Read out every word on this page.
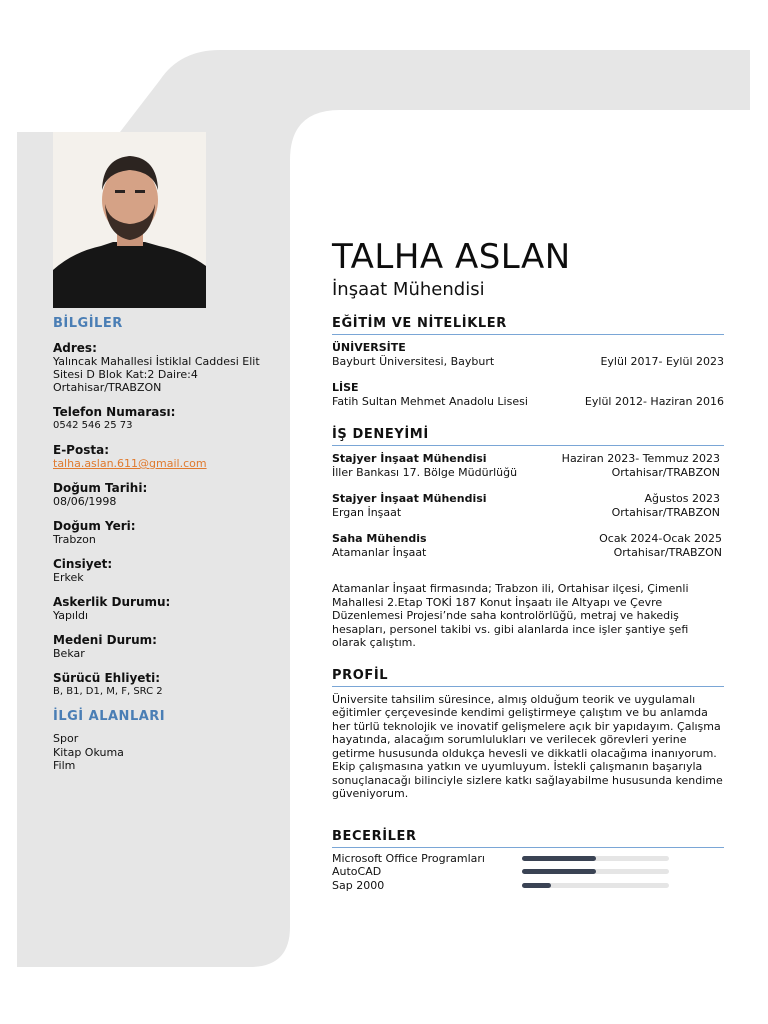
BİLGİLER
Adres:
Yalıncak Mahallesi İstiklal Caddesi Elit Sitesi D Blok Kat:2 Daire:4 Ortahisar/TRABZON
Telefon Numarası:
0542 546 25 73
E-Posta:
talha.aslan.611@gmail.com
Doğum Tarihi:
08/06/1998
Doğum Yeri:
Trabzon
Cinsiyet:
Erkek
Askerlik Durumu:
Yapıldı
Medeni Durum:
Bekar
Sürücü Ehliyeti:
B, B1, D1, M, F, SRC 2
İLGİ ALANLARI
Spor
Kitap Okuma
Film
TALHA ASLAN
İnşaat Mühendisi
EĞİTİM VE NİTELİKLER
ÜNİVERSİTE
Bayburt Üniversitesi, Bayburt	Eylül 2017- Eylül 2023
LİSE
Fatih Sultan Mehmet Anadolu Lisesi	Eylül 2012- Haziran 2016
İŞ DENEYİMİ
Stajyer İnşaat Mühendisi	Haziran 2023- Temmuz 2023
İller Bankası 17. Bölge Müdürlüğü	Ortahisar/TRABZON
Stajyer İnşaat Mühendisi	Ağustos 2023
Ergan İnşaat	Ortahisar/TRABZON
Saha Mühendis	Ocak 2024-Ocak 2025
Atamanlar İnşaat	Ortahisar/TRABZON

Atamanlar İnşaat firmasında; Trabzon ili, Ortahisar ilçesi, Çimenli Mahallesi 2.Etap TOKİ 187 Konut İnşaatı ile Altyapı ve Çevre Düzenlemesi Projesi’nde saha kontrolörlüğü, metraj ve hakediş hesapları, personel takibi vs. gibi alanlarda ince işler şantiye şefi olarak çalıştım.

PROFİL

Üniversite tahsilim süresince, almış olduğum teorik ve uygulamalı eğitimler çerçevesinde kendimi geliştirmeye çalıştım ve bu anlamda her türlü teknolojik ve inovatif gelişmelere açık bir yapıdayım. Çalışma hayatında, alacağım sorumlulukları ve verilecek görevleri yerine getirme hususunda oldukça hevesli ve dikkatli olacağıma inanıyorum. Ekip çalışmasına yatkın ve uyumluyum. İstekli çalışmanın başarıyla sonuçlanacağı bilinciyle sizlere katkı sağlayabilme hususunda kendime güveniyorum.

BECERİLER
Microsoft Office Programları
AutoCAD
Sap 2000
